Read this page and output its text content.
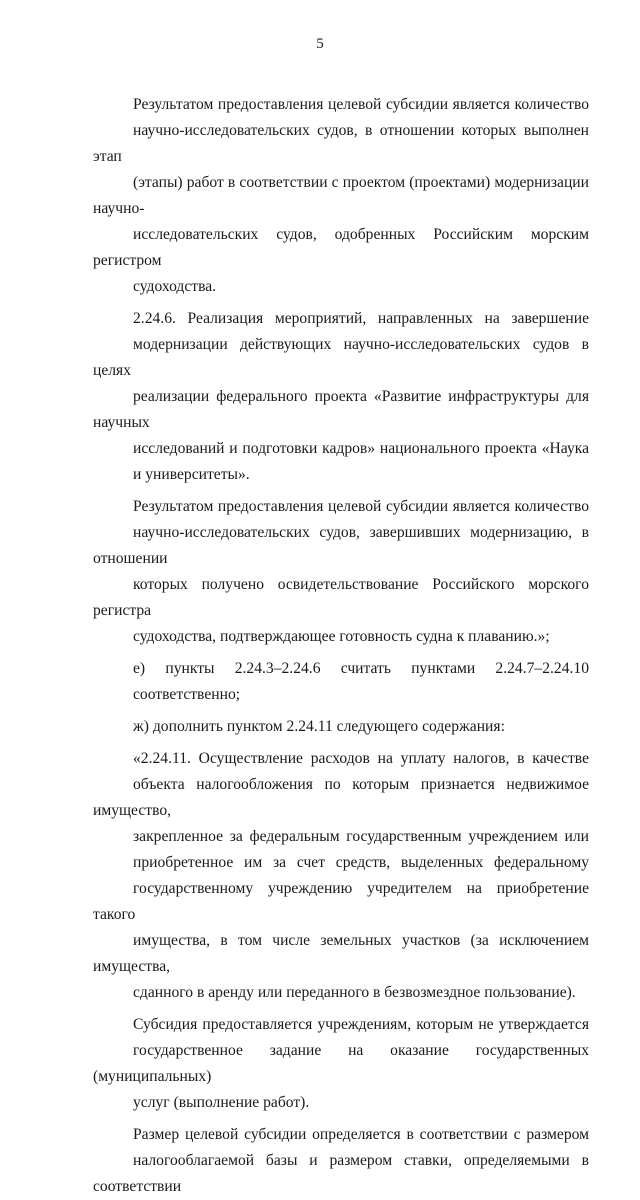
5
Результатом предоставления целевой субсидии является количество
научно-исследовательских судов, в отношении которых выполнен этап
(этапы) работ в соответствии с проектом (проектами) модернизации научно-
исследовательских судов, одобренных Российским морским регистром
судоходства.
2.24.6. Реализация мероприятий, направленных на завершение
модернизации действующих научно-исследовательских судов в целях
реализации федерального проекта «Развитие инфраструктуры для научных
исследований и подготовки кадров» национального проекта «Наука
и университеты».
Результатом предоставления целевой субсидии является количество
научно-исследовательских судов, завершивших модернизацию, в отношении
которых получено освидетельствование Российского морского регистра
судоходства, подтверждающее готовность судна к плаванию.»;
е) пункты 2.24.3–2.24.6 считать пунктами 2.24.7–2.24.10
соответственно;
ж) дополнить пунктом 2.24.11 следующего содержания:
«2.24.11. Осуществление расходов на уплату налогов, в качестве
объекта налогообложения по которым признается недвижимое имущество,
закрепленное за федеральным государственным учреждением или
приобретенное им за счет средств, выделенных федеральному
государственному учреждению учредителем на приобретение такого
имущества, в том числе земельных участков (за исключением имущества,
сданного в аренду или переданного в безвозмездное пользование).
Субсидия предоставляется учреждениям, которым не утверждается
государственное задание на оказание государственных (муниципальных)
услуг (выполнение работ).
Размер целевой субсидии определяется в соответствии с размером
налогооблагаемой базы и размером ставки, определяемыми в соответствии
